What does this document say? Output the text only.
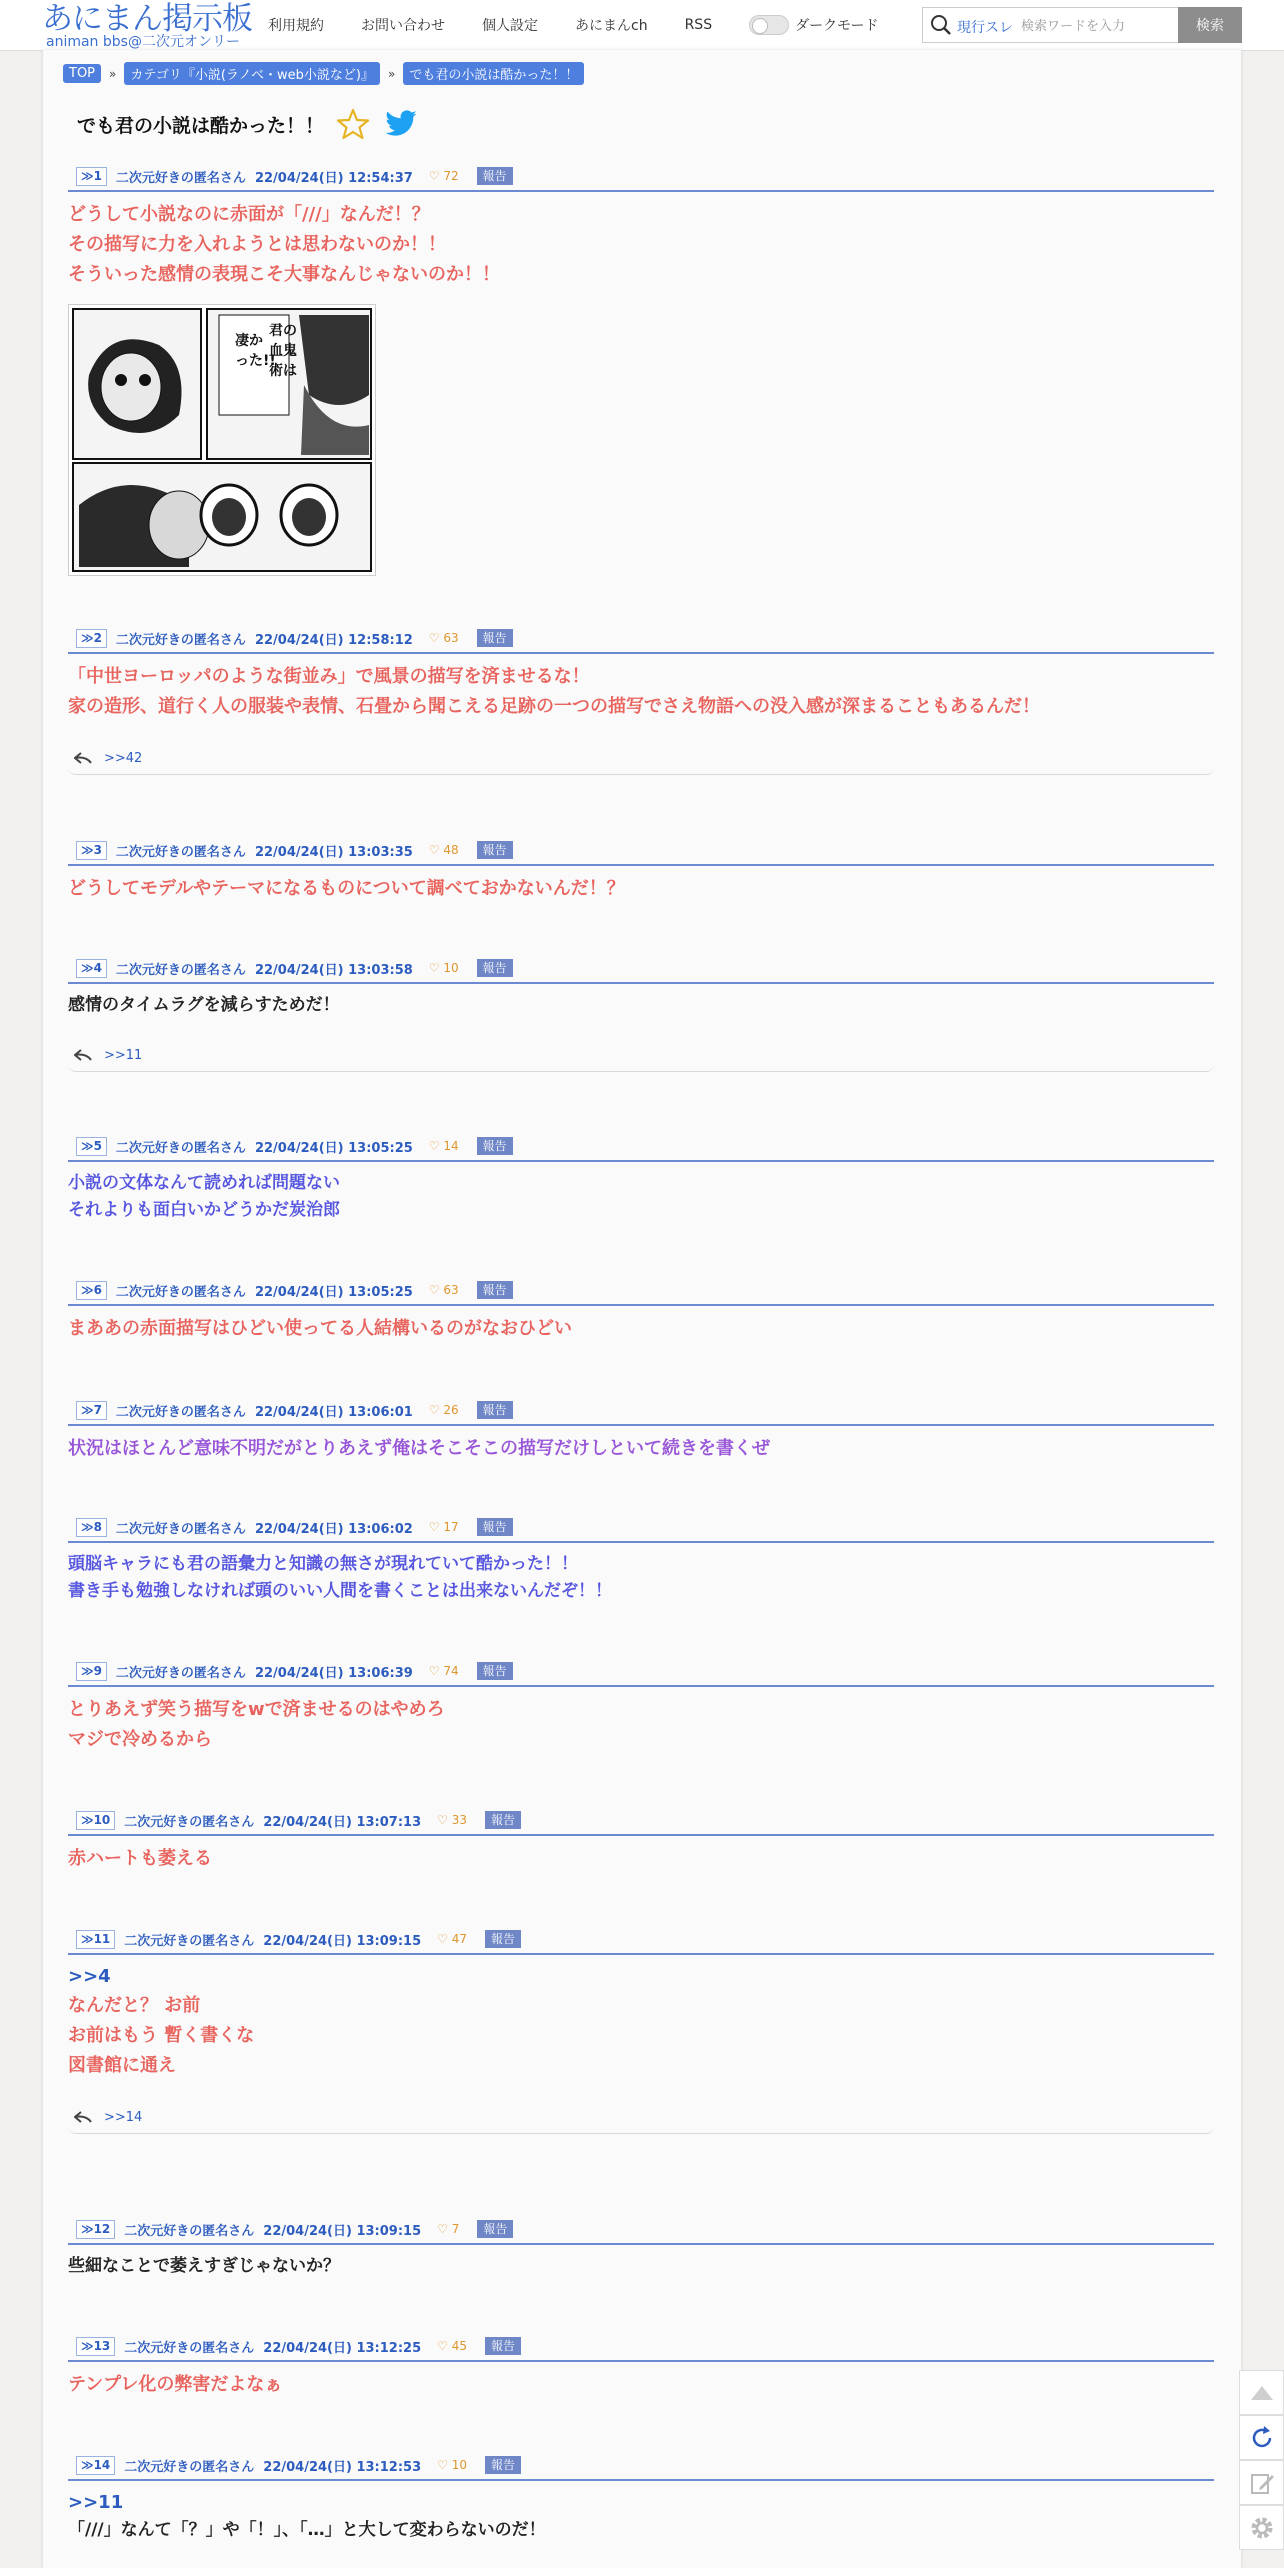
あにまん掲示板
animan bbs@二次元オンリー
利用規約	お問い合わせ	個人設定	あにまんch	RSS	ダークモード	現行スレ
検索ワードを入力	検索
TOP	»	カテゴリ『小説(ラノベ・web小説など)』	»	でも君の小説は酷かった！！
でも君の小説は酷かった！！
≫1	二次元好きの匿名さん 22/04/24(日) 12:54:37 ♡ 72	報告
どうして小説なのに赤面が「///」なんだ！？
その描写に力を入れようとは思わないのか！！
そういった感情の表現こそ大事なんじゃないのか！！
君の
血鬼
術は
凄か
った!!
≫2	二次元好きの匿名さん 22/04/24(日) 12:58:12 ♡ 63	報告
「中世ヨーロッパのような街並み」で風景の描写を済ませるな！
家の造形、道行く人の服装や表情、石畳から聞こえる足跡の一つの描写でさえ物語への没入感が深まることもあるんだ！
>>42
≫3	二次元好きの匿名さん 22/04/24(日) 13:03:35 ♡ 48	報告
どうしてモデルやテーマになるものについて調べておかないんだ！？
≫4	二次元好きの匿名さん 22/04/24(日) 13:03:58 ♡ 10	報告
感情のタイムラグを減らすためだ！
>>11
≫5	二次元好きの匿名さん 22/04/24(日) 13:05:25 ♡ 14	報告
小説の文体なんて読めれば問題ない
それよりも面白いかどうかだ炭治郎
≫6	二次元好きの匿名さん 22/04/24(日) 13:05:25 ♡ 63	報告
まああの赤面描写はひどい使ってる人結構いるのがなおひどい
≫7	二次元好きの匿名さん 22/04/24(日) 13:06:01 ♡ 26	報告
状況はほとんど意味不明だがとりあえず俺はそこそこの描写だけしといて続きを書くぜ
≫8	二次元好きの匿名さん 22/04/24(日) 13:06:02 ♡ 17	報告
頭脳キャラにも君の語彙力と知識の無さが現れていて酷かった！！
書き手も勉強しなければ頭のいい人間を書くことは出来ないんだぞ！！
≫9	二次元好きの匿名さん 22/04/24(日) 13:06:39 ♡ 74	報告
とりあえず笑う描写をwで済ませるのはやめろ
マジで冷めるから
≫10	二次元好きの匿名さん 22/04/24(日) 13:07:13 ♡ 33	報告
赤ハートも萎える
≫11	二次元好きの匿名さん 22/04/24(日) 13:09:15 ♡ 47	報告
>>4
なんだと？ お前
お前はもう 暫く書くな
図書館に通え
>>14
≫12	二次元好きの匿名さん 22/04/24(日) 13:09:15 ♡ 7	報告
些細なことで萎えすぎじゃないか？
≫13	二次元好きの匿名さん 22/04/24(日) 13:12:25 ♡ 45	報告
テンプレ化の弊害だよなぁ
≫14	二次元好きの匿名さん 22/04/24(日) 13:12:53 ♡ 10	報告
>>11
「///」なんて「？」や「！」、「…」と大して変わらないのだ！
